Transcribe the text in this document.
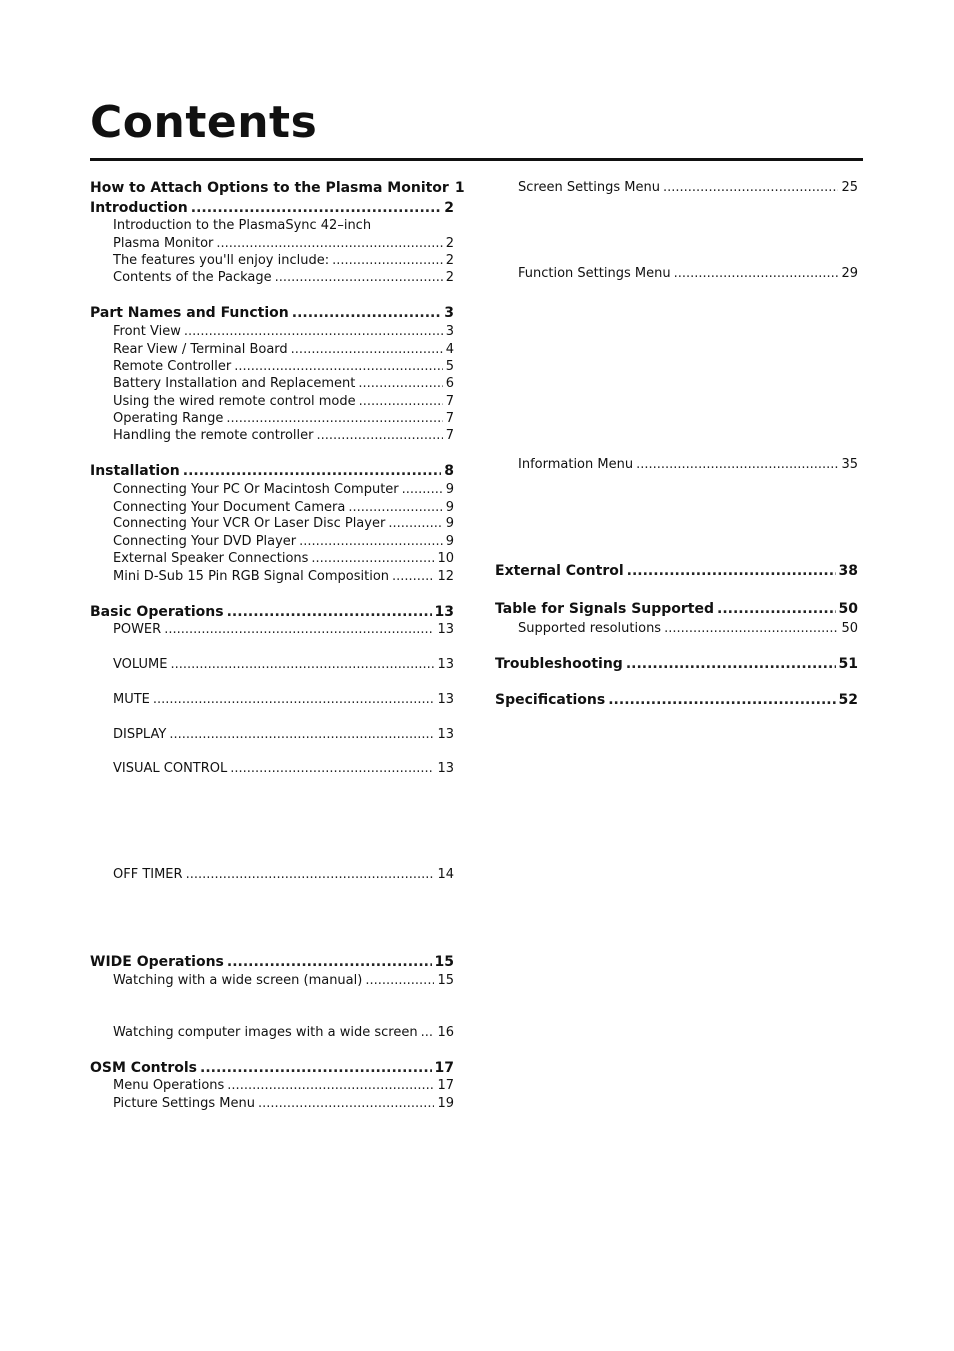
Contents
How to Attach Options to the Plasma Monitor 1
Introduction .....	2
Introduction to the PlasmaSync 42–inch
Plasma Monitor .....	2
The features you'll enjoy include: .....	2
Contents of the Package .....	2
Part Names and Function .....	3
Front View .....	3
Rear View / Terminal Board .....	4
Remote Controller .....	5
Battery Installation and Replacement .....	6
Using the wired remote control mode .....	7
Operating Range .....	7
Handling the remote controller .....	7
Installation .....	8
Connecting Your PC Or Macintosh Computer .....	9
Connecting Your Document Camera .....	9
Connecting Your VCR Or Laser Disc Player .....	9
Connecting Your DVD Player .....	9
External Speaker Connections .....	10
Mini D-Sub 15 Pin RGB Signal Composition .....	12
Basic Operations .....	13
POWER .....	13
VOLUME .....	13
MUTE .....	13
DISPLAY .....	13
VISUAL CONTROL .....	13
OFF TIMER .....	14
WIDE Operations .....	15
Watching with a wide screen (manual) .....	15
Watching computer images with a wide screen ..... 16
OSM Controls .....	17
Menu Operations .....	17
Picture Settings Menu .....	19
Screen Settings Menu .....	25
Function Settings Menu .....	29
Information Menu .....	35
External Control .....	38
Table for Signals Supported .....	50
Supported resolutions .....	50
Troubleshooting .....	51
Specifications .....	52
